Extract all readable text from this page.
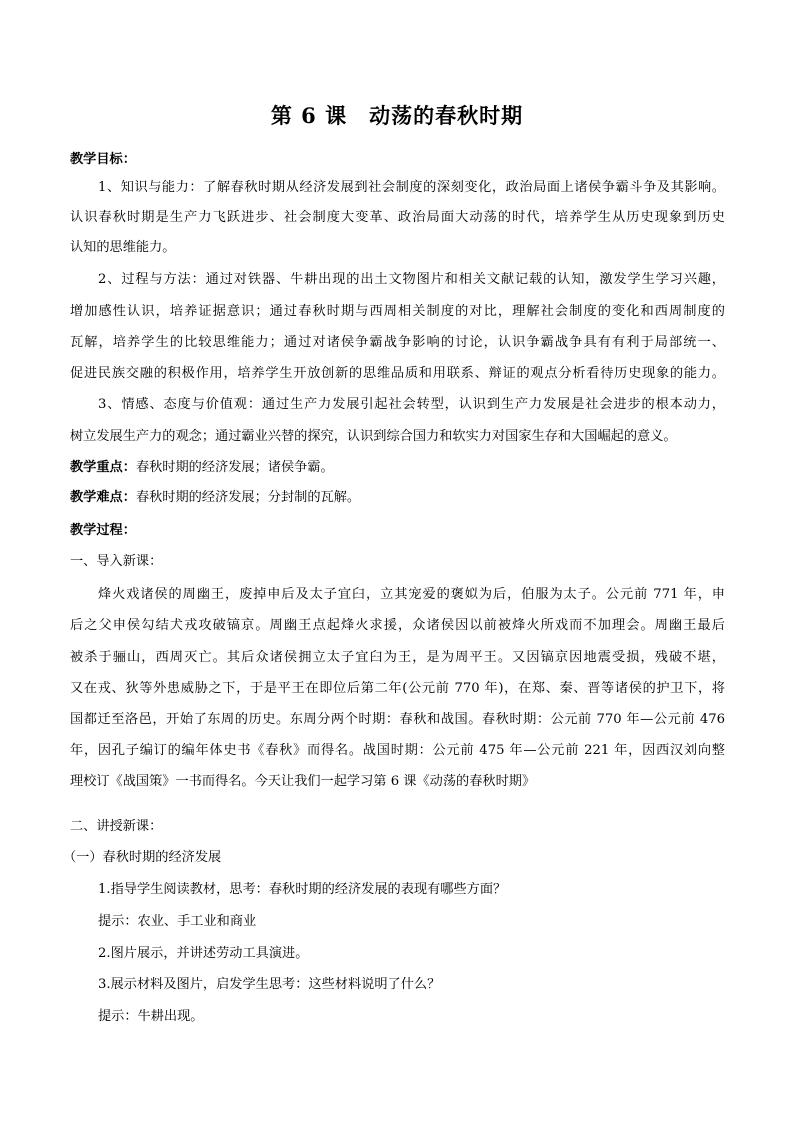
第 6 课　动荡的春秋时期
教学目标：
1、知识与能力：了解春秋时期从经济发展到社会制度的深刻变化，政治局面上诸侯争霸斗争及其影响。
认识春秋时期是生产力飞跃进步、社会制度大变革、政治局面大动荡的时代，培养学生从历史现象到历史
认知的思维能力。
2、过程与方法：通过对铁器、牛耕出现的出土文物图片和相关文献记载的认知，激发学生学习兴趣，
增加感性认识，培养证据意识；通过春秋时期与西周相关制度的对比，理解社会制度的变化和西周制度的
瓦解，培养学生的比较思维能力；通过对诸侯争霸战争影响的讨论，认识争霸战争具有有利于局部统一、
促进民族交融的积极作用，培养学生开放创新的思维品质和用联系、辩证的观点分析看待历史现象的能力。
3、情感、态度与价值观：通过生产力发展引起社会转型，认识到生产力发展是社会进步的根本动力，
树立发展生产力的观念；通过霸业兴替的探究，认识到综合国力和软实力对国家生存和大国崛起的意义。
教学重点：春秋时期的经济发展；诸侯争霸。
教学难点：春秋时期的经济发展；分封制的瓦解。
教学过程：
一、导入新课：
烽火戏诸侯的周幽王，废掉申后及太子宜臼，立其宠爱的褒姒为后，伯服为太子。公元前 771 年，申
后之父申侯勾结犬戎攻破镐京。周幽王点起烽火求援，众诸侯因以前被烽火所戏而不加理会。周幽王最后
被杀于骊山，西周灭亡。其后众诸侯拥立太子宜臼为王，是为周平王。又因镐京因地震受损，残破不堪，
又在戎、狄等外患威胁之下，于是平王在即位后第二年(公元前 770 年)，在郑、秦、晋等诸侯的护卫下，将
国都迁至洛邑，开始了东周的历史。东周分两个时期：春秋和战国。春秋时期：公元前 770 年—公元前 476
年，因孔子编订的编年体史书《春秋》而得名。战国时期：公元前 475 年—公元前 221 年，因西汉刘向整
理校订《战国策》一书而得名。今天让我们一起学习第 6 课《动荡的春秋时期》
二、讲授新课：
（一）春秋时期的经济发展
1.指导学生阅读教材，思考：春秋时期的经济发展的表现有哪些方面？
提示：农业、手工业和商业
2.图片展示，并讲述劳动工具演进。
3.展示材料及图片，启发学生思考：这些材料说明了什么？
提示：牛耕出现。
